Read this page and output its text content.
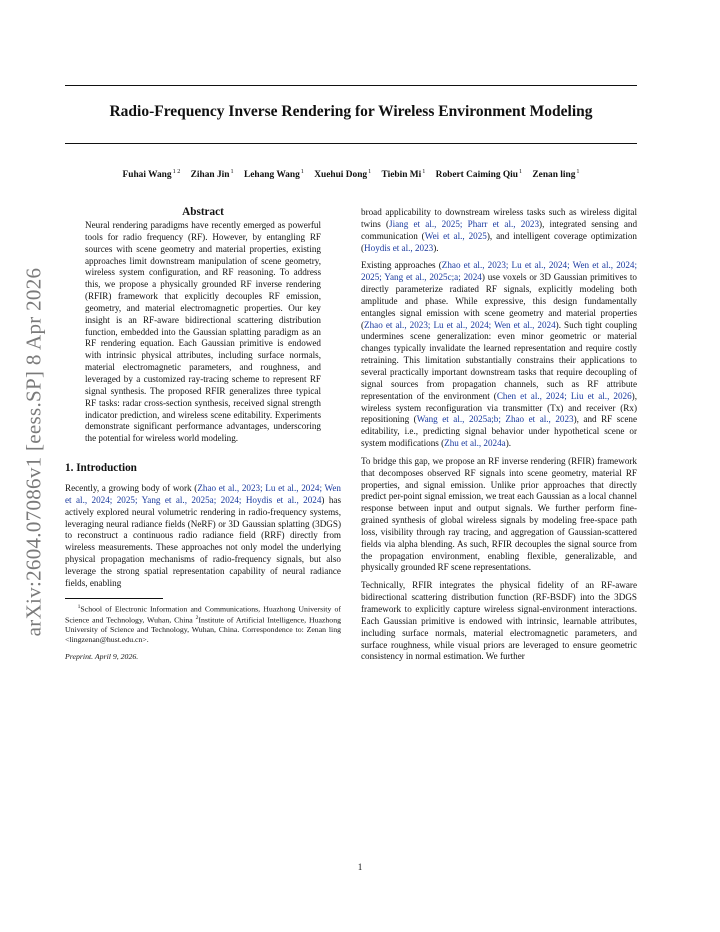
arXiv:2604.07086v1 [eess.SP] 8 Apr 2026
Radio-Frequency Inverse Rendering for Wireless Environment Modeling
Fuhai Wang$^{1 2}$ Zihan Jin$^1$ Lehang Wang$^1$ Xuehui Dong$^1$ Tiebin Mi$^1$ Robert Caiming Qiu$^1$ Zenan ling$^1$
Abstract

Neural rendering paradigms have recently emerged as powerful tools for radio frequency (RF). However, by entangling RF sources with scene geometry and material properties, existing approaches limit downstream manipulation of scene geometry, wireless system configuration, and RF reasoning. To address this, we propose a physically grounded RF inverse rendering (RFIR) framework that explicitly decouples RF emission, geometry, and material electromagnetic properties. Our key insight is an RF-aware bidirectional scattering distribution function, embedded into the Gaussian splatting paradigm as an RF rendering equation. Each Gaussian primitive is endowed with intrinsic physical attributes, including surface normals, material electromagnetic parameters, and roughness, and leveraged by a customized ray-tracing scheme to represent RF signal synthesis. The proposed RFIR generalizes three typical RF tasks: radar cross-section synthesis, received signal strength indicator prediction, and wireless scene editability. Experiments demonstrate significant performance advantages, underscoring the potential for wireless world modeling.

1. Introduction

Recently, a growing body of work (Zhao et al., 2023; Lu et al., 2024; Wen et al., 2024; 2025; Yang et al., 2025a; 2024; Hoydis et al., 2024) has actively explored neural volumetric rendering in radio-frequency systems, leveraging neural radiance fields (NeRF) or 3D Gaussian splatting (3DGS) to reconstruct a continuous radio radiance field (RRF) directly from wireless measurements. These approaches not only model the underlying physical propagation mechanisms of radio-frequency signals, but also leverage the strong spatial representation capability of neural radiance fields, enabling

$^1$School of Electronic Information and Communications, Huazhong University of Science and Technology, Wuhan, China $^2$Institute of Artificial Intelligence, Huazhong University of Science and Technology, Wuhan, China. Correspondence to: Zenan ling <lingzenan@hust.edu.cn>.
Preprint. April 9, 2026.

broad applicability to downstream wireless tasks such as wireless digital twins (Jiang et al., 2025; Pharr et al., 2023), integrated sensing and communication (Wei et al., 2025), and intelligent coverage optimization (Hoydis et al., 2023).

Existing approaches (Zhao et al., 2023; Lu et al., 2024; Wen et al., 2024; 2025; Yang et al., 2025c;a; 2024) use voxels or 3D Gaussian primitives to directly parameterize radiated RF signals, explicitly modeling both amplitude and phase. While expressive, this design fundamentally entangles signal emission with scene geometry and material properties (Zhao et al., 2023; Lu et al., 2024; Wen et al., 2024). Such tight coupling undermines scene generalization: even minor geometric or material changes typically invalidate the learned representation and require costly retraining. This limitation substantially constrains their applications to several practically important downstream tasks that require decoupling of signal sources from propagation channels, such as RF attribute representation of the environment (Chen et al., 2024; Liu et al., 2026), wireless system reconfiguration via transmitter (Tx) and receiver (Rx) repositioning (Wang et al., 2025a;b; Zhao et al., 2023), and RF scene editability, i.e., predicting signal behavior under hypothetical scene or system modifications (Zhu et al., 2024a).

To bridge this gap, we propose an RF inverse rendering (RFIR) framework that decomposes observed RF signals into scene geometry, material RF properties, and signal emission. Unlike prior approaches that directly predict per-point signal emission, we treat each Gaussian as a local channel response between input and output signals. We further perform fine-grained synthesis of global wireless signals by modeling free-space path loss, visibility through ray tracing, and aggregation of Gaussian-scattered fields via alpha blending. As such, RFIR decouples the signal source from the propagation environment, enabling flexible, generalizable, and physically grounded RF scene representations.

Technically, RFIR integrates the physical fidelity of an RF-aware bidirectional scattering distribution function (RF-BSDF) into the 3DGS framework to explicitly capture wireless signal-environment interactions. Each Gaussian primitive is endowed with intrinsic, learnable attributes, including surface normals, material electromagnetic parameters, and surface roughness, while visual priors are leveraged to ensure geometric consistency in normal estimation. We further

1
